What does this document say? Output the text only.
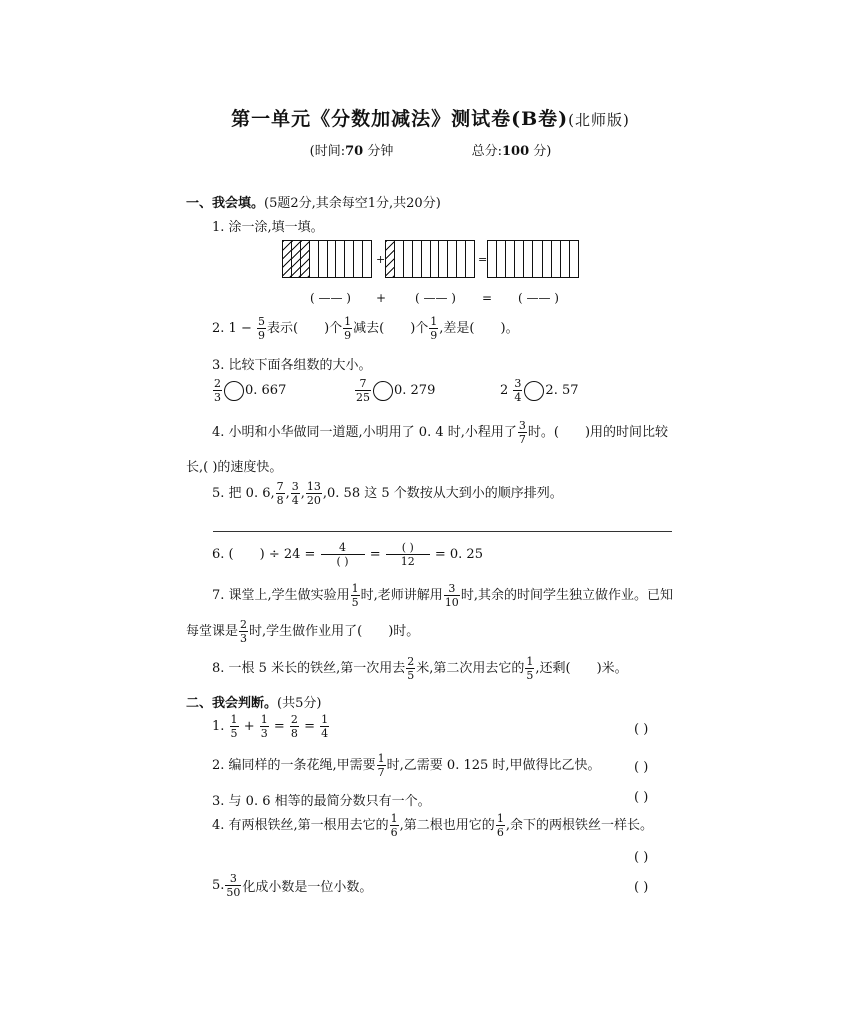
第一单元《分数加减法》测试卷(B卷)(北师版)
(时间:70 分钟	总分:100 分)
一、我会填。(5题2分,其余每空1分,共20分)
1. 涂一涂,填一填。
+	=
( —— ) + ( —— ) = ( —— )
2. $1 - \frac{5}{9}$ 表示( )个 $\frac{1}{9}$ 减去( )个 $\frac{1}{9}$ ,差是( )。
3. 比较下面各组数的大小。
$\frac{2}{3} 0$. 667	$\frac{7}{25} 0$. 279	$2 \frac{3}{4} 2$. 57
4. 小明和小华做同一道题,小明用了 0. 4 时,小程用了 $\frac{3}{7}$ 时。( )用的时间比较
长,( )的速度快。
5. 把 0. 6, $\frac{7}{8}$ , $\frac{3}{4}$ , $\frac{13}{20} ,0$. 58 这 5 个数按从大到小的顺序排列。
6. ( ) ÷ $24 = \frac{4}{( )} = \frac{( )}{12} = 0$. 25
7. 课堂上,学生做实验用 $\frac{1}{5}$ 时,老师讲解用 $\frac{3}{10}$ 时,其余的时间学生独立做作业。已知
每堂课是 $\frac{2}{3}$ 时,学生做作业用了( )时。
8. 一根 5 米长的铁丝,第一次用去 $\frac{2}{5}$ 米,第二次用去它的 $\frac{1}{5}$ ,还剩( )米。
二、我会判断。(共5分)
1. $\frac{1}{5} + \frac{1}{3} = \frac{2}{8} = \frac{1}{4}$	( )
2. 编同样的一条花绳,甲需要 $\frac{1}{7}$ 时,乙需要 0. 125 时,甲做得比乙快。	( )
3. 与 0. 6 相等的最简分数只有一个。	( )
4. 有两根铁丝,第一根用去它的 $\frac{1}{6}$ ,第二根也用它的 $\frac{1}{6}$ ,余下的两根铁丝一样长。
( )
5. $\frac{3}{50}$ 化成小数是一位小数。	( )
